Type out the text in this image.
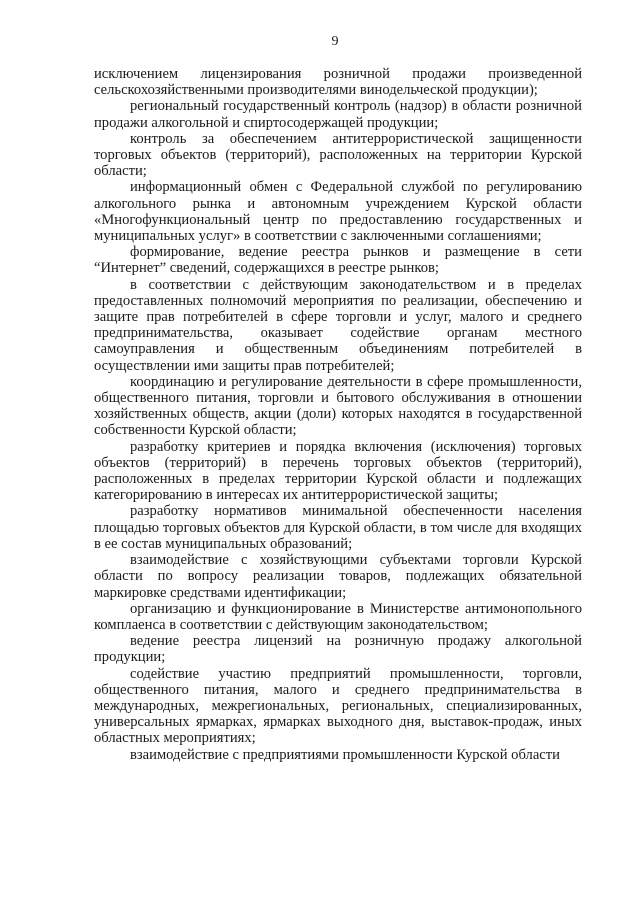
9

исключением лицензирования розничной продажи произведенной сельскохозяйственными производителями винодельческой продукции);

региональный государственный контроль (надзор) в области розничной продажи алкогольной и спиртосодержащей продукции;

контроль за обеспечением антитеррористической защищенности торговых объектов (территорий), расположенных на территории Курской области;

информационный обмен с Федеральной службой по регулированию алкогольного рынка и автономным учреждением Курской области «Многофункциональный центр по предоставлению государственных и муниципальных услуг» в соответствии с заключенными соглашениями;

формирование, ведение реестра рынков и размещение в сети “Интернет” сведений, содержащихся в реестре рынков;

в соответствии с действующим законодательством и в пределах предоставленных полномочий мероприятия по реализации, обеспечению и защите прав потребителей в сфере торговли и услуг, малого и среднего предпринимательства, оказывает содействие органам местного самоуправления и общественным объединениям потребителей в осуществлении ими защиты прав потребителей;

координацию и регулирование деятельности в сфере промышленности, общественного питания, торговли и бытового обслуживания в отношении хозяйственных обществ, акции (доли) которых находятся в государственной собственности Курской области;

разработку критериев и порядка включения (исключения) торговых объектов (территорий) в перечень торговых объектов (территорий), расположенных в пределах территории Курской области и подлежащих категорированию в интересах их антитеррористической защиты;

разработку нормативов минимальной обеспеченности населения площадью торговых объектов для Курской области, в том числе для входящих в ее состав муниципальных образований;

взаимодействие с хозяйствующими субъектами торговли Курской области по вопросу реализации товаров, подлежащих обязательной маркировке средствами идентификации;

организацию и функционирование в Министерстве антимонопольного комплаенса в соответствии с действующим законодательством;

ведение реестра лицензий на розничную продажу алкогольной продукции;

содействие участию предприятий промышленности, торговли, общественного питания, малого и среднего предпринимательства в международных, межрегиональных, региональных, специализированных, универсальных ярмарках, ярмарках выходного дня, выставок-продаж, иных областных мероприятиях;

взаимодействие с предприятиями промышленности Курской области
